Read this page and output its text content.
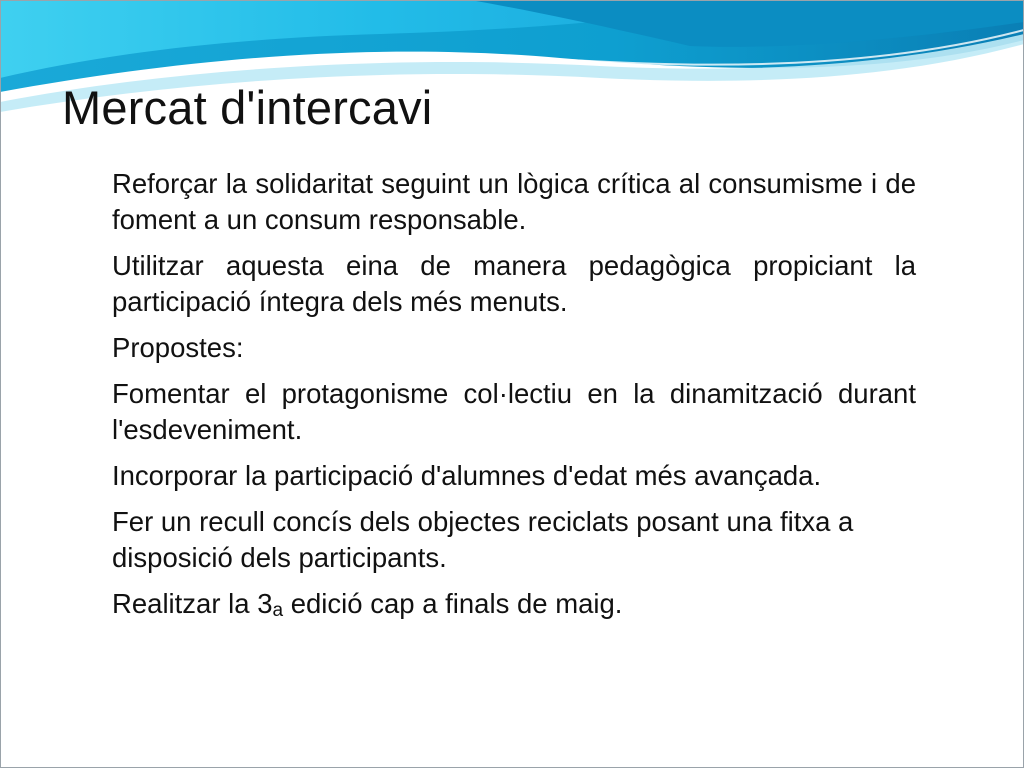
Mercat d'intercavi
Reforçar la solidaritat seguint un lògica crítica al consumisme i de foment a un consum responsable.
Utilitzar aquesta eina de manera pedagògica propiciant la participació íntegra dels més menuts.
Propostes:
Fomentar el protagonisme col·lectiu en la dinamització durant l'esdeveniment.
Incorporar la participació d'alumnes d'edat més avançada.
Fer un recull concís dels objectes reciclats posant una fitxa a disposició dels participants.
Realitzar la $3_a$ edició cap a finals de maig.
